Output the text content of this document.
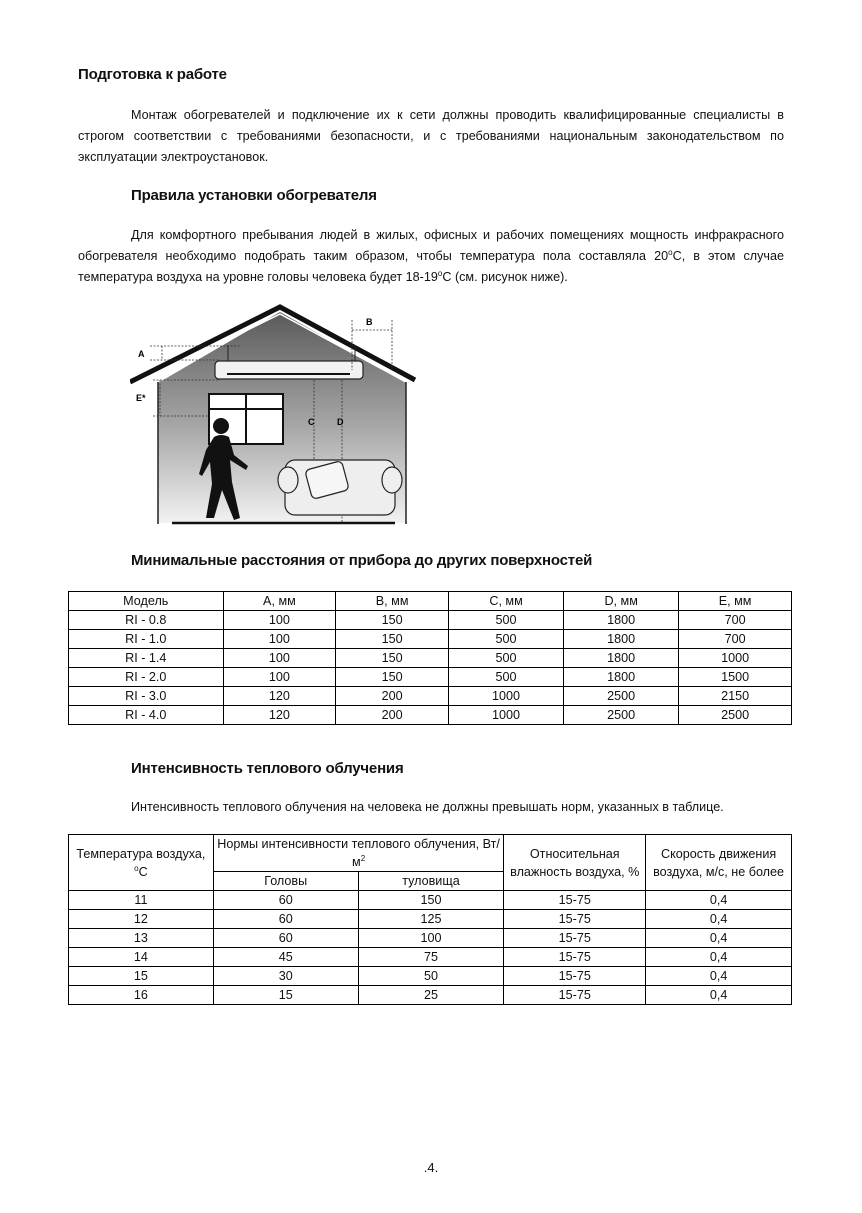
Подготовка к работе
Монтаж обогревателей и подключение их к сети должны проводить квалифицированные специалисты в строгом соответствии с требованиями безопасности, и с требованиями национальным законодательством по эксплуатации электроустановок.
Правила установки обогревателя
Для комфортного пребывания людей в жилых, офисных и рабочих помещениях мощность инфракрасного обогревателя необходимо подобрать таким образом, чтобы температура пола составляла 20$^o$C, в этом случае температура воздуха на уровне головы человека будет 18-19$^o$C (см. рисунок ниже).
A
E*
B
C	D
Минимальные расстояния от прибора до других поверхностей
Модель	A, мм	B, мм	C, мм	D, мм	E, мм
RI - 0.8	100	150	500	1800	700
RI - 1.0	100	150	500	1800	700
RI - 1.4	100	150	500	1800	1000
RI - 2.0	100	150	500	1800	1500
RI - 3.0	120	200	1000	2500	2150
RI - 4.0	120	200	1000	2500	2500
Интенсивность теплового облучения
Интенсивность теплового облучения на человека не должны превышать норм, указанных в таблице.
Температура воздуха, $^o$C	Нормы интенсивности теплового облучения, $Вт/м^2$		Относительная влажность воздуха, %	Скорость движения воздуха, м/с, не более
	Головы	туловища		
11	60	150	15-75	0,4
12	60	125	15-75	0,4
13	60	100	15-75	0,4
14	45	75	15-75	0,4
15	30	50	15-75	0,4
16	15	25	15-75	0,4
.4.
